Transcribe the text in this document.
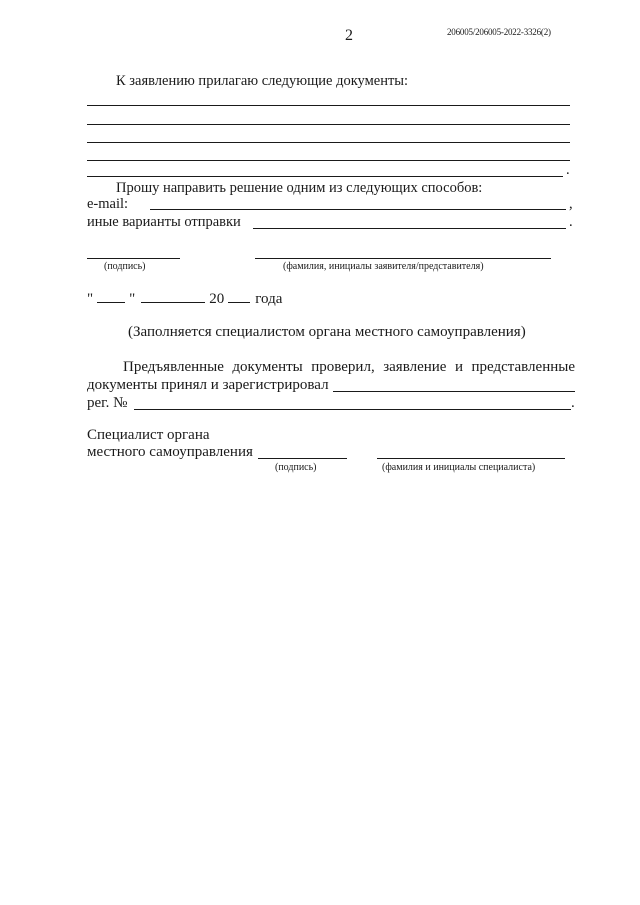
2	206005/206005-2022-3326(2)
К заявлению прилагаю следующие документы:
.
Прошу направить решение одним из следующих способов:
e-mail:	,
иные варианты отправки	.
(подпись)	(фамилия, инициалы заявителя/представителя)
" "	20 года
(Заполняется специалистом органа местного самоуправления)
Предъявленные документы проверил, заявление и представленные
документы принял и зарегистрировал
рег. №	.
Специалист органа
местного самоуправления
(подпись)	(фамилия и инициалы специалиста)
